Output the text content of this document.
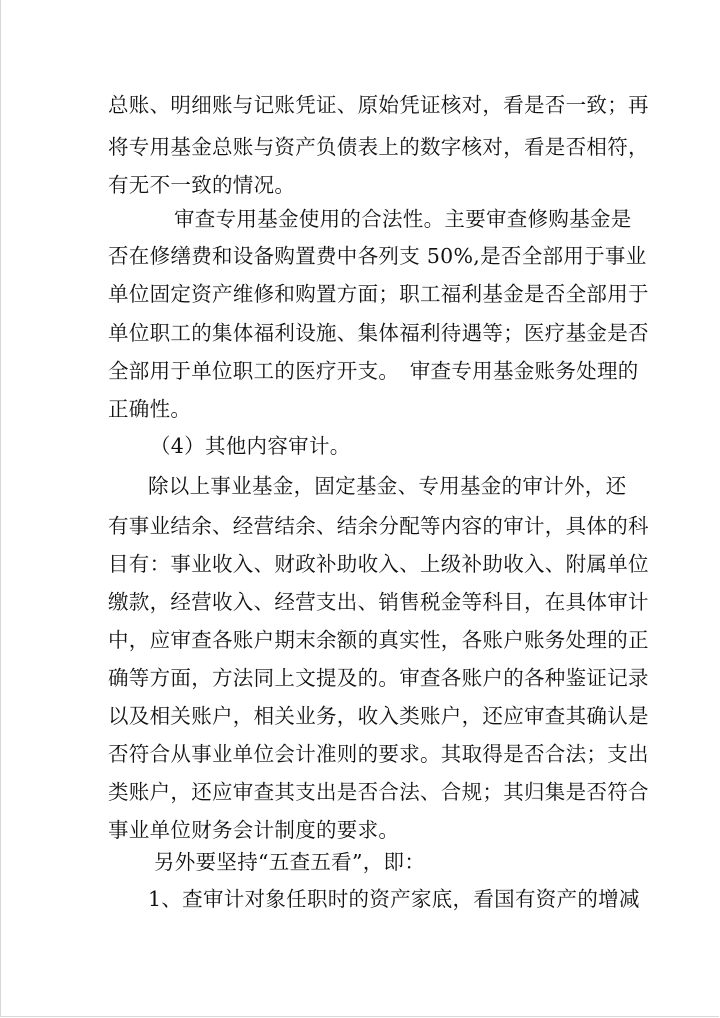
总账、明细账与记账凭证、原始凭证核对，看是否一致；再
将专用基金总账与资产负债表上的数字核对，看是否相符，
有无不一致的情况。
审查专用基金使用的合法性。主要审查修购基金是
否在修缮费和设备购置费中各列支 50%,是否全部用于事业
单位固定资产维修和购置方面；职工福利基金是否全部用于
单位职工的集体福利设施、集体福利待遇等；医疗基金是否
全部用于单位职工的医疗开支。　审查专用基金账务处理的
正确性。
（4）其他内容审计。
除以上事业基金，固定基金、专用基金的审计外，还
有事业结余、经营结余、结余分配等内容的审计，具体的科
目有：事业收入、财政补助收入、上级补助收入、附属单位
缴款，经营收入、经营支出、销售税金等科目，在具体审计
中，应审查各账户期末余额的真实性，各账户账务处理的正
确等方面，方法同上文提及的。审查各账户的各种鉴证记录
以及相关账户，相关业务，收入类账户，还应审查其确认是
否符合从事业单位会计准则的要求。其取得是否合法；支出
类账户，还应审查其支出是否合法、合规；其归集是否符合
事业单位财务会计制度的要求。
另外要坚持“五查五看”，即：
1、查审计对象任职时的资产家底，看国有资产的增减
